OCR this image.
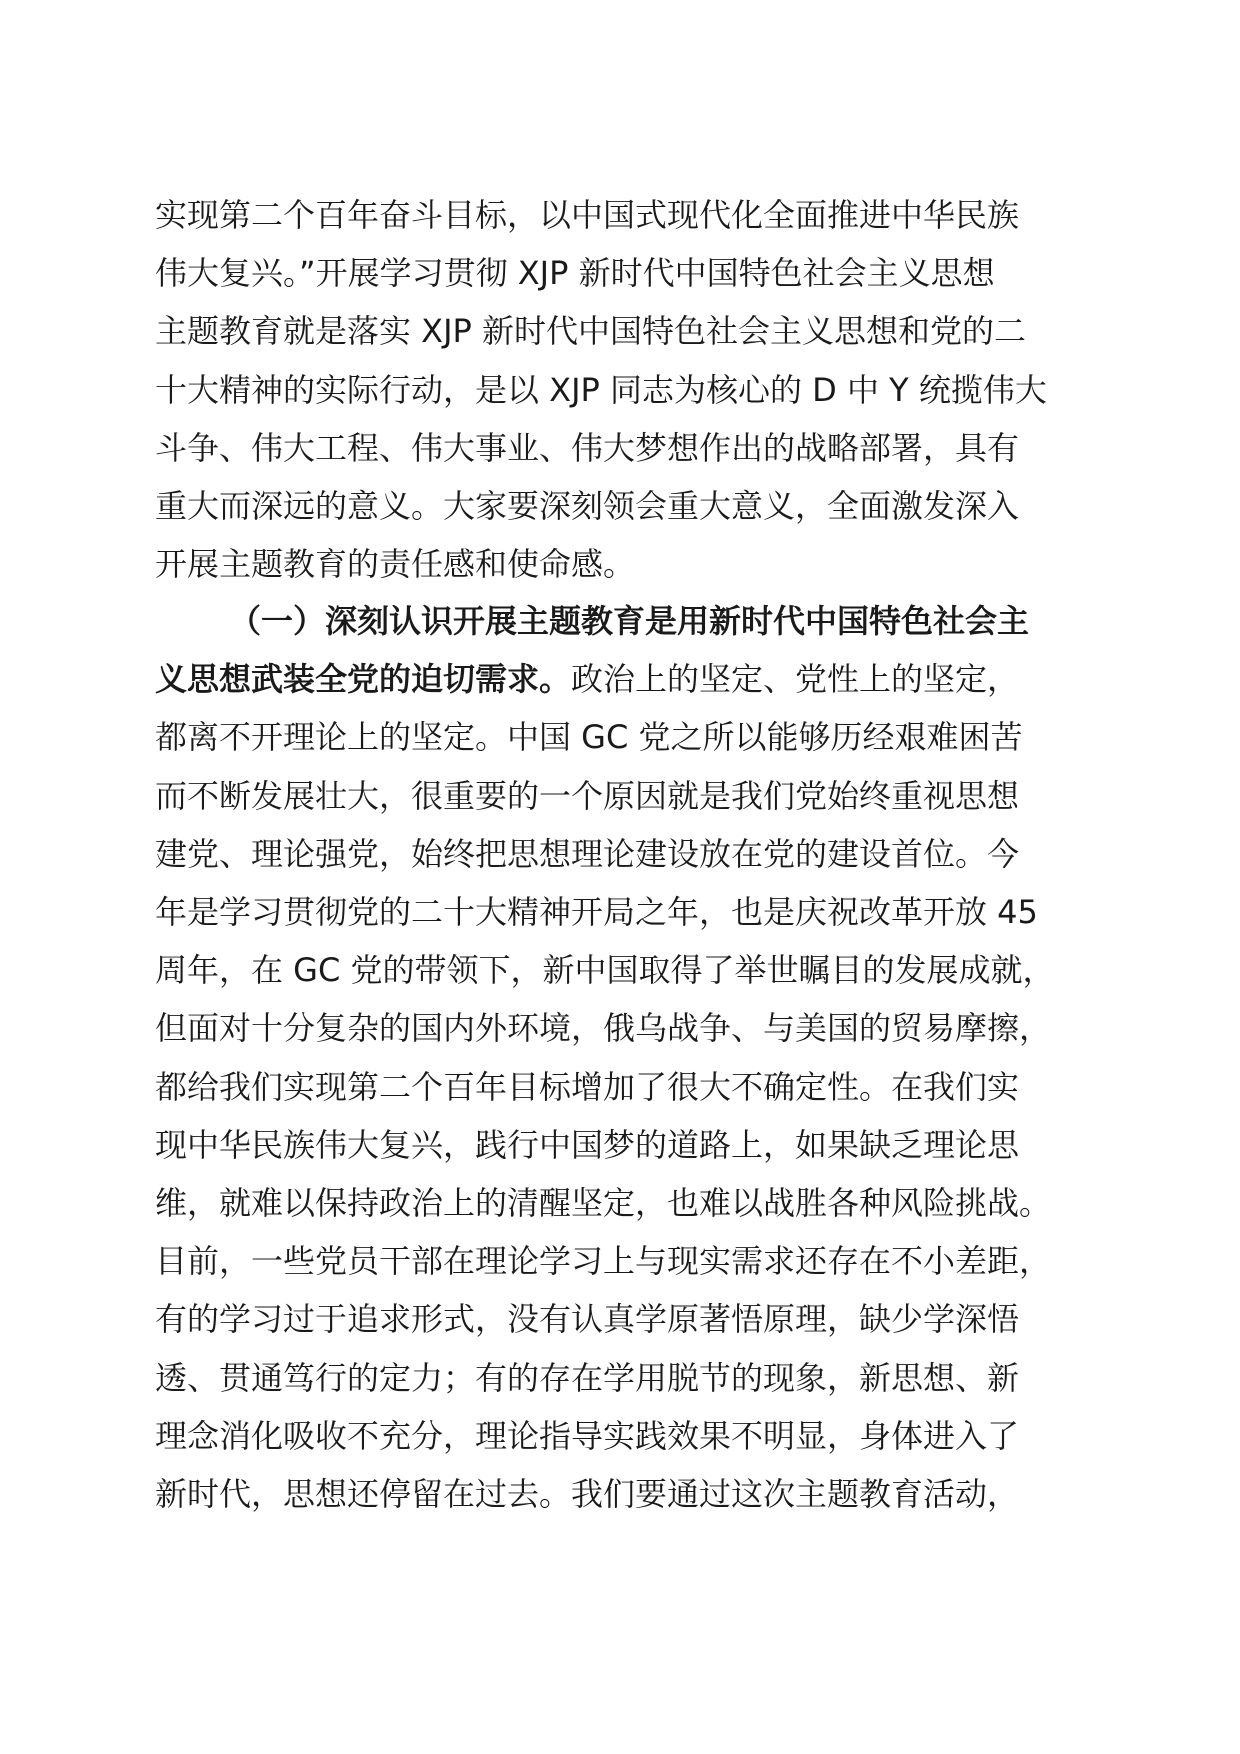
实现第二个百年奋斗目标，以中国式现代化全面推进中华民族
伟大复兴。”开展学习贯彻 XJP 新时代中国特色社会主义思想
主题教育就是落实 XJP 新时代中国特色社会主义思想和党的二
十大精神的实际行动，是以 XJP 同志为核心的 D 中 Y 统揽伟大
斗争、伟大工程、伟大事业、伟大梦想作出的战略部署，具有
重大而深远的意义。大家要深刻领会重大意义，全面激发深入
开展主题教育的责任感和使命感。
（一）深刻认识开展主题教育是用新时代中国特色社会主
义思想武装全党的迫切需求。政治上的坚定、党性上的坚定，
都离不开理论上的坚定。中国 GC 党之所以能够历经艰难困苦
而不断发展壮大，很重要的一个原因就是我们党始终重视思想
建党、理论强党，始终把思想理论建设放在党的建设首位。今
年是学习贯彻党的二十大精神开局之年，也是庆祝改革开放 45
周年，在 GC 党的带领下，新中国取得了举世瞩目的发展成就，
但面对十分复杂的国内外环境，俄乌战争、与美国的贸易摩擦，
都给我们实现第二个百年目标增加了很大不确定性。在我们实
现中华民族伟大复兴，践行中国梦的道路上，如果缺乏理论思
维，就难以保持政治上的清醒坚定，也难以战胜各种风险挑战。
目前，一些党员干部在理论学习上与现实需求还存在不小差距，
有的学习过于追求形式，没有认真学原著悟原理，缺少学深悟
透、贯通笃行的定力；有的存在学用脱节的现象，新思想、新
理念消化吸收不充分，理论指导实践效果不明显，身体进入了
新时代，思想还停留在过去。我们要通过这次主题教育活动，
